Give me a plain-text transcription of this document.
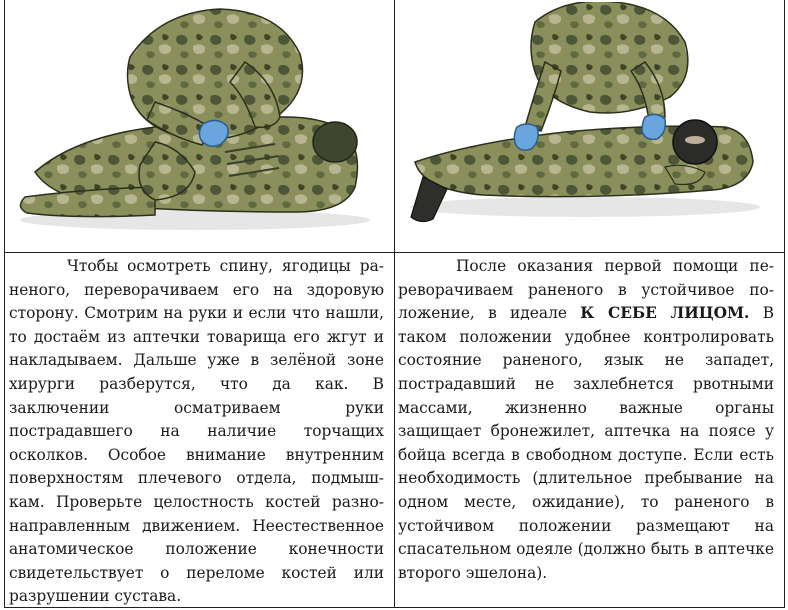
Чтобы осмотреть спину, ягодицы раненого, переворачиваем его на здоровую сторону. Смотрим на руки и если что нашли, то достаём из аптечки товарища его жгут и накладываем. Дальше уже в зелёной зоне хирурги разберутся, что да как. В заключении осматриваем руки пострадавшего на наличие торчащих осколков. Особое внимание внутренним поверхностям плечевого отдела, подмышкам. Проверьте целостность костей разнонаправленным движением. Неестественное анатомическое положение конечности свидетельствует о переломе костей или разрушении сустава.

После оказания первой помощи переворачиваем раненого в устойчивое положение, в идеале К СЕБЕ ЛИЦОМ. В таком положении удобнее контролировать состояние раненого, язык не западет, пострадавший не захлебнется рвотными массами, жизненно важные органы защищает бронежилет, аптечка на поясе у бойца всегда в свободном доступе. Если есть необходимость (длительное пребывание на одном месте, ожидание), то раненого в устойчивом положении размещают на спасательном одеяле (должно быть в аптечке второго эшелона).
